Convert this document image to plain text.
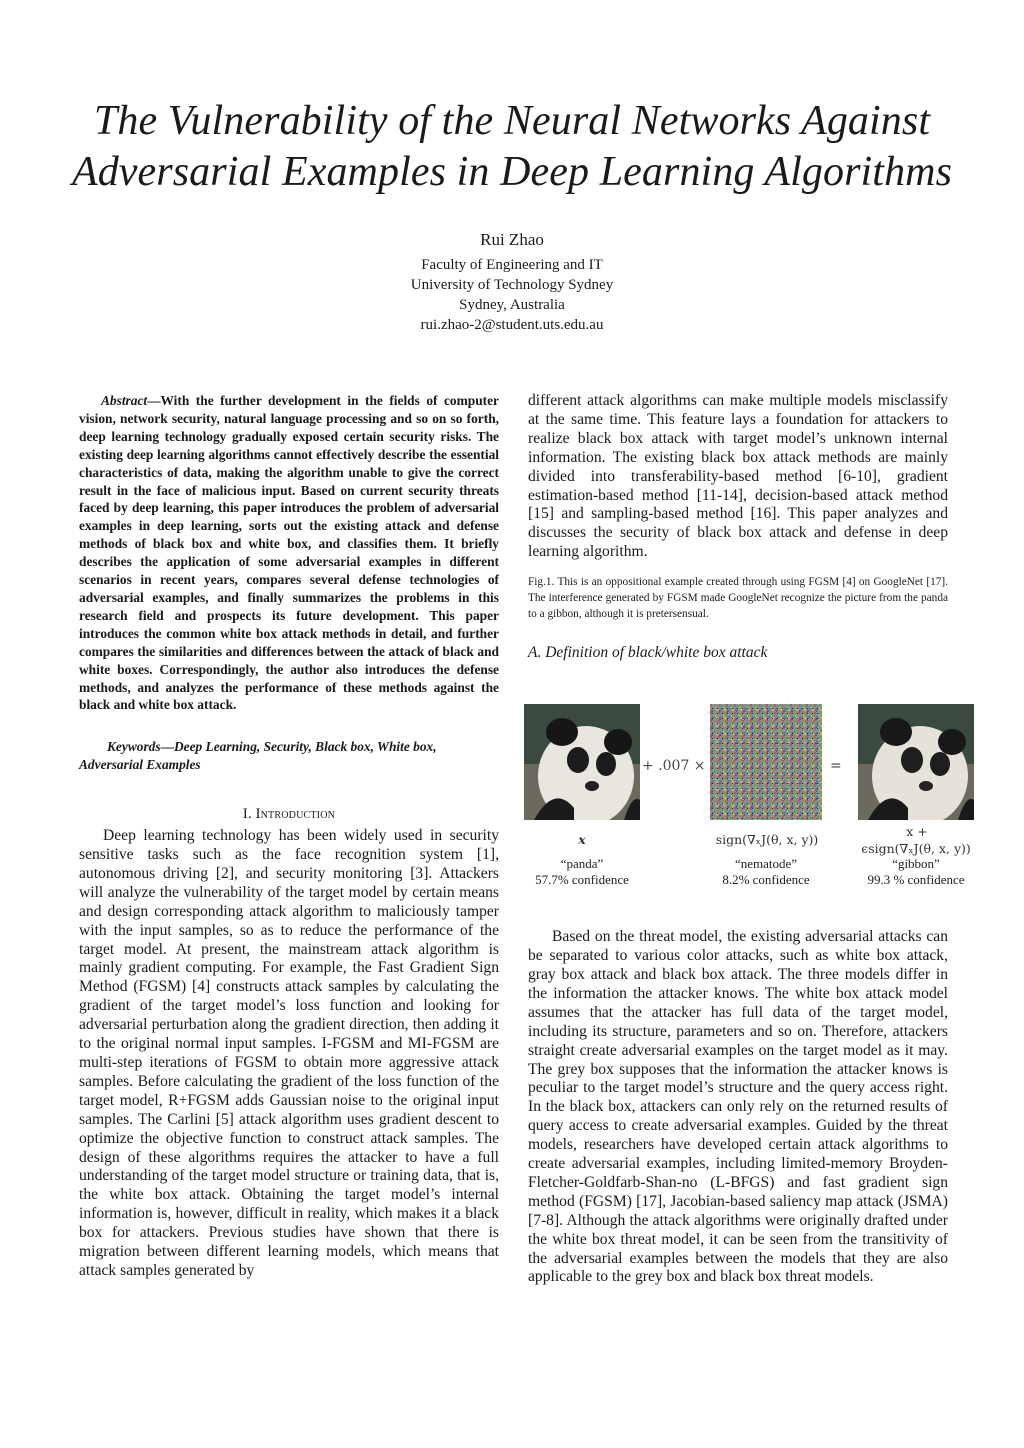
The Vulnerability of the Neural Networks Against
Adversarial Examples in Deep Learning Algorithms
Rui Zhao
Faculty of Engineering and IT
University of Technology Sydney
Sydney, Australia
rui.zhao-2@student.uts.edu.au

Abstract—With the further development in the fields of computer vision, network security, natural language processing and so on so forth, deep learning technology gradually exposed certain security risks. The existing deep learning algorithms cannot effectively describe the essential characteristics of data, making the algorithm unable to give the correct result in the face of malicious input. Based on current security threats faced by deep learning, this paper introduces the problem of adversarial examples in deep learning, sorts out the existing attack and defense methods of black box and white box, and classifies them. It briefly describes the application of some adversarial examples in different scenarios in recent years, compares several defense technologies of adversarial examples, and finally summarizes the problems in this research field and prospects its future development. This paper introduces the common white box attack methods in detail, and further compares the similarities and differences between the attack of black and white boxes. Correspondingly, the author also introduces the defense methods, and analyzes the performance of these methods against the black and white box attack.

Keywords—Deep Learning, Security, Black box, White box, Adversarial Examples

I. Introduction

Deep learning technology has been widely used in security sensitive tasks such as the face recognition system [1], autonomous driving [2], and security monitoring [3]. Attackers will analyze the vulnerability of the target model by certain means and design corresponding attack algorithm to maliciously tamper with the input samples, so as to reduce the performance of the target model. At present, the mainstream attack algorithm is mainly gradient computing. For example, the Fast Gradient Sign Method (FGSM) [4] constructs attack samples by calculating the gradient of the target model’s loss function and looking for adversarial perturbation along the gradient direction, then adding it to the original normal input samples. I-FGSM and MI-FGSM are multi-step iterations of FGSM to obtain more aggressive attack samples. Before calculating the gradient of the loss function of the target model, R+FGSM adds Gaussian noise to the original input samples. The Carlini [5] attack algorithm uses gradient descent to optimize the objective function to construct attack samples. The design of these algorithms requires the attacker to have a full understanding of the target model structure or training data, that is, the white box attack. Obtaining the target model’s internal information is, however, difficult in reality, which makes it a black box for attackers. Previous studies have shown that there is migration between different learning models, which means that attack samples generated by

different attack algorithms can make multiple models misclassify at the same time. This feature lays a foundation for attackers to realize black box attack with target model’s unknown internal information. The existing black box attack methods are mainly divided into transferability-based method [6-10], gradient estimation-based method [11-14], decision-based attack method [15] and sampling-based method [16]. This paper analyzes and discusses the security of black box attack and defense in deep learning algorithm.

Fig.1. This is an oppositional example created through using FGSM [4] on GoogleNet [17]. The interference generated by FGSM made GoogleNet recognize the picture from the panda to a gibbon, although it is pretersensual.

A. Definition of black/white box attack

+ .007 ×	=
x	sign(∇ₓJ(θ, x, y))
x +
ϵsign(∇ₓJ(θ, x, y))
“panda”
57.7% confidence
“nematode”
8.2% confidence
“gibbon”
99.3 % confidence

Based on the threat model, the existing adversarial attacks can be separated to various color attacks, such as white box attack, gray box attack and black box attack. The three models differ in the information the attacker knows. The white box attack model assumes that the attacker has full data of the target model, including its structure, parameters and so on. Therefore, attackers straight create adversarial examples on the target model as it may. The grey box supposes that the information the attacker knows is peculiar to the target model’s structure and the query access right. In the black box, attackers can only rely on the returned results of query access to create adversarial examples. Guided by the threat models, researchers have developed certain attack algorithms to create adversarial examples, including limited-memory Broyden-Fletcher-Goldfarb-Shan-no (L-BFGS) and fast gradient sign method (FGSM) [17], Jacobian-based saliency map attack (JSMA) [7-8]. Although the attack algorithms were originally drafted under the white box threat model, it can be seen from the transitivity of the adversarial examples between the models that they are also applicable to the grey box and black box threat models.
